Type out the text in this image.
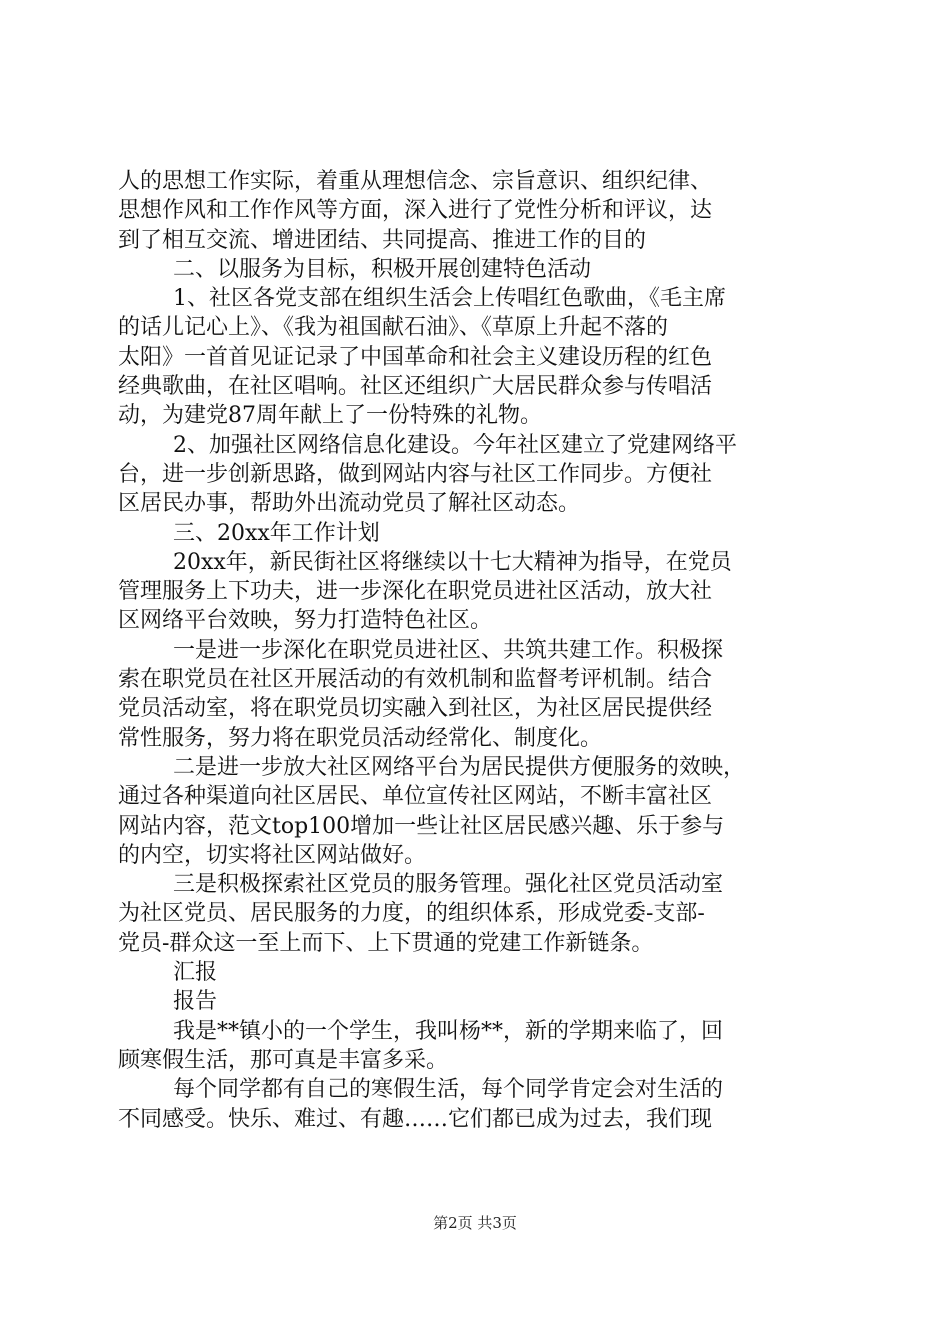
人的思想工作实际，着重从理想信念、宗旨意识、组织纪律、
思想作风和工作作风等方面，深入进行了党性分析和评议，达
到了相互交流、增进团结、共同提高、推进工作的目的
二、以服务为目标，积极开展创建特色活动
1、社区各党支部在组织生活会上传唱红色歌曲，《毛主席
的话儿记心上》、《我为祖国献石油》、《草原上升起不落的
太阳》一首首见证记录了中国革命和社会主义建设历程的红色
经典歌曲，在社区唱响。社区还组织广大居民群众参与传唱活
动，为建党87周年献上了一份特殊的礼物。
2、加强社区网络信息化建设。今年社区建立了党建网络平
台，进一步创新思路，做到网站内容与社区工作同步。方便社
区居民办事，帮助外出流动党员了解社区动态。
三、20xx年工作计划
20xx年，新民街社区将继续以十七大精神为指导，在党员
管理服务上下功夫，进一步深化在职党员进社区活动，放大社
区网络平台效映，努力打造特色社区。
一是进一步深化在职党员进社区、共筑共建工作。积极探
索在职党员在社区开展活动的有效机制和监督考评机制。结合
党员活动室，将在职党员切实融入到社区，为社区居民提供经
常性服务，努力将在职党员活动经常化、制度化。
二是进一步放大社区网络平台为居民提供方便服务的效映，
通过各种渠道向社区居民、单位宣传社区网站，不断丰富社区
网站内容，范文top100增加一些让社区居民感兴趣、乐于参与
的内空，切实将社区网站做好。
三是积极探索社区党员的服务管理。强化社区党员活动室
为社区党员、居民服务的力度，的组织体系，形成党委-支部-
党员-群众这一至上而下、上下贯通的党建工作新链条。
汇报
报告
我是**镇小的一个学生，我叫杨**，新的学期来临了，回
顾寒假生活，那可真是丰富多采。
每个同学都有自己的寒假生活，每个同学肯定会对生活的
不同感受。快乐、难过、有趣……它们都已成为过去，我们现
第2页 共3页
